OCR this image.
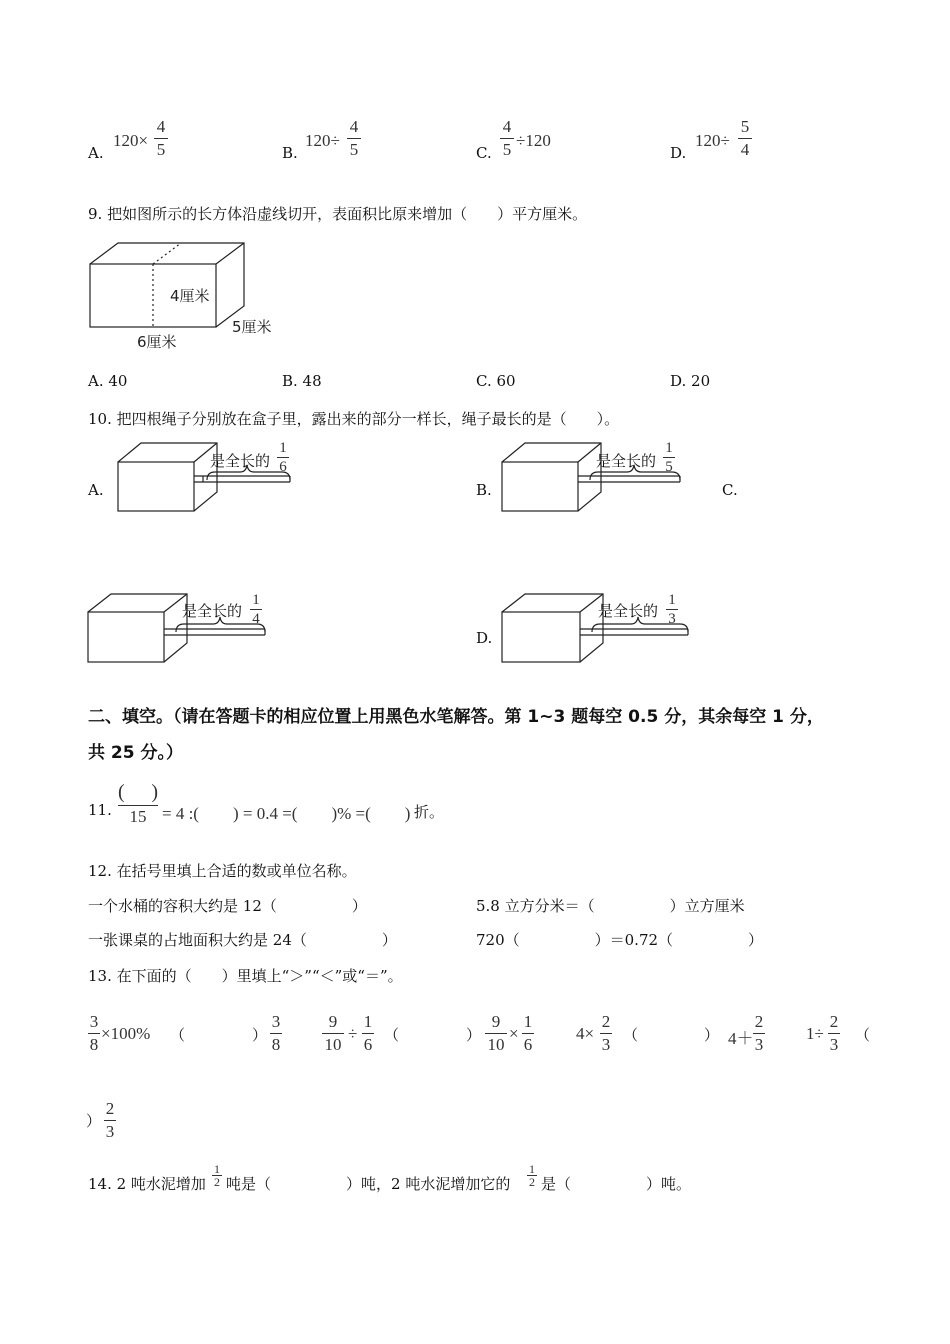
A.
120×
4
5	B.
120÷
4
5	C.
4
5 ÷120
D.
120÷
5
4
9. 把如图所示的长方体沿虚线切开，表面积比原来增加（　　）平方厘米。
4厘米
5厘米
6厘米
A. 40	B. 48	C. 60	D. 20
10. 把四根绳子分别放在盒子里，露出来的部分一样长，绳子最长的是（　　）。
是全长的
1
6	是全长的
1
5
是全长的
1
4	是全长的
1
3
A.	B.	C.
D.
二、填空。（请在答题卡的相应位置上用黑色水笔解答。第 1~3 题每空 0.5 分，其余每空 1 分，
共 25 分。）
11.
( )
15 = 4 :(　　) = 0.4 =(　　)% =(　　) 折。
12. 在括号里填上合适的数或单位名称。
一个水桶的容积大约是 12（　　　　　）	5.8 立方分米＝（　　　　　）立方厘米
一张课桌的占地面积大约是 24（　　　　　）	720（　　　　　）＝0.72（　　　　　）
13. 在下面的（　　）里填上“＞”“＜”或“＝”。
3
8
×100% （	）
3
8
9
10
÷
1
6 （	）
9
10
×
1
6
4×
2
3 （	） 4＋
2
3
1÷
2
3 （
）
2
3
14. 2 吨水泥增加
1
2 吨是（　　　　　）吨，2 吨水泥增加它的
1
2 是（　　　　　）吨。
